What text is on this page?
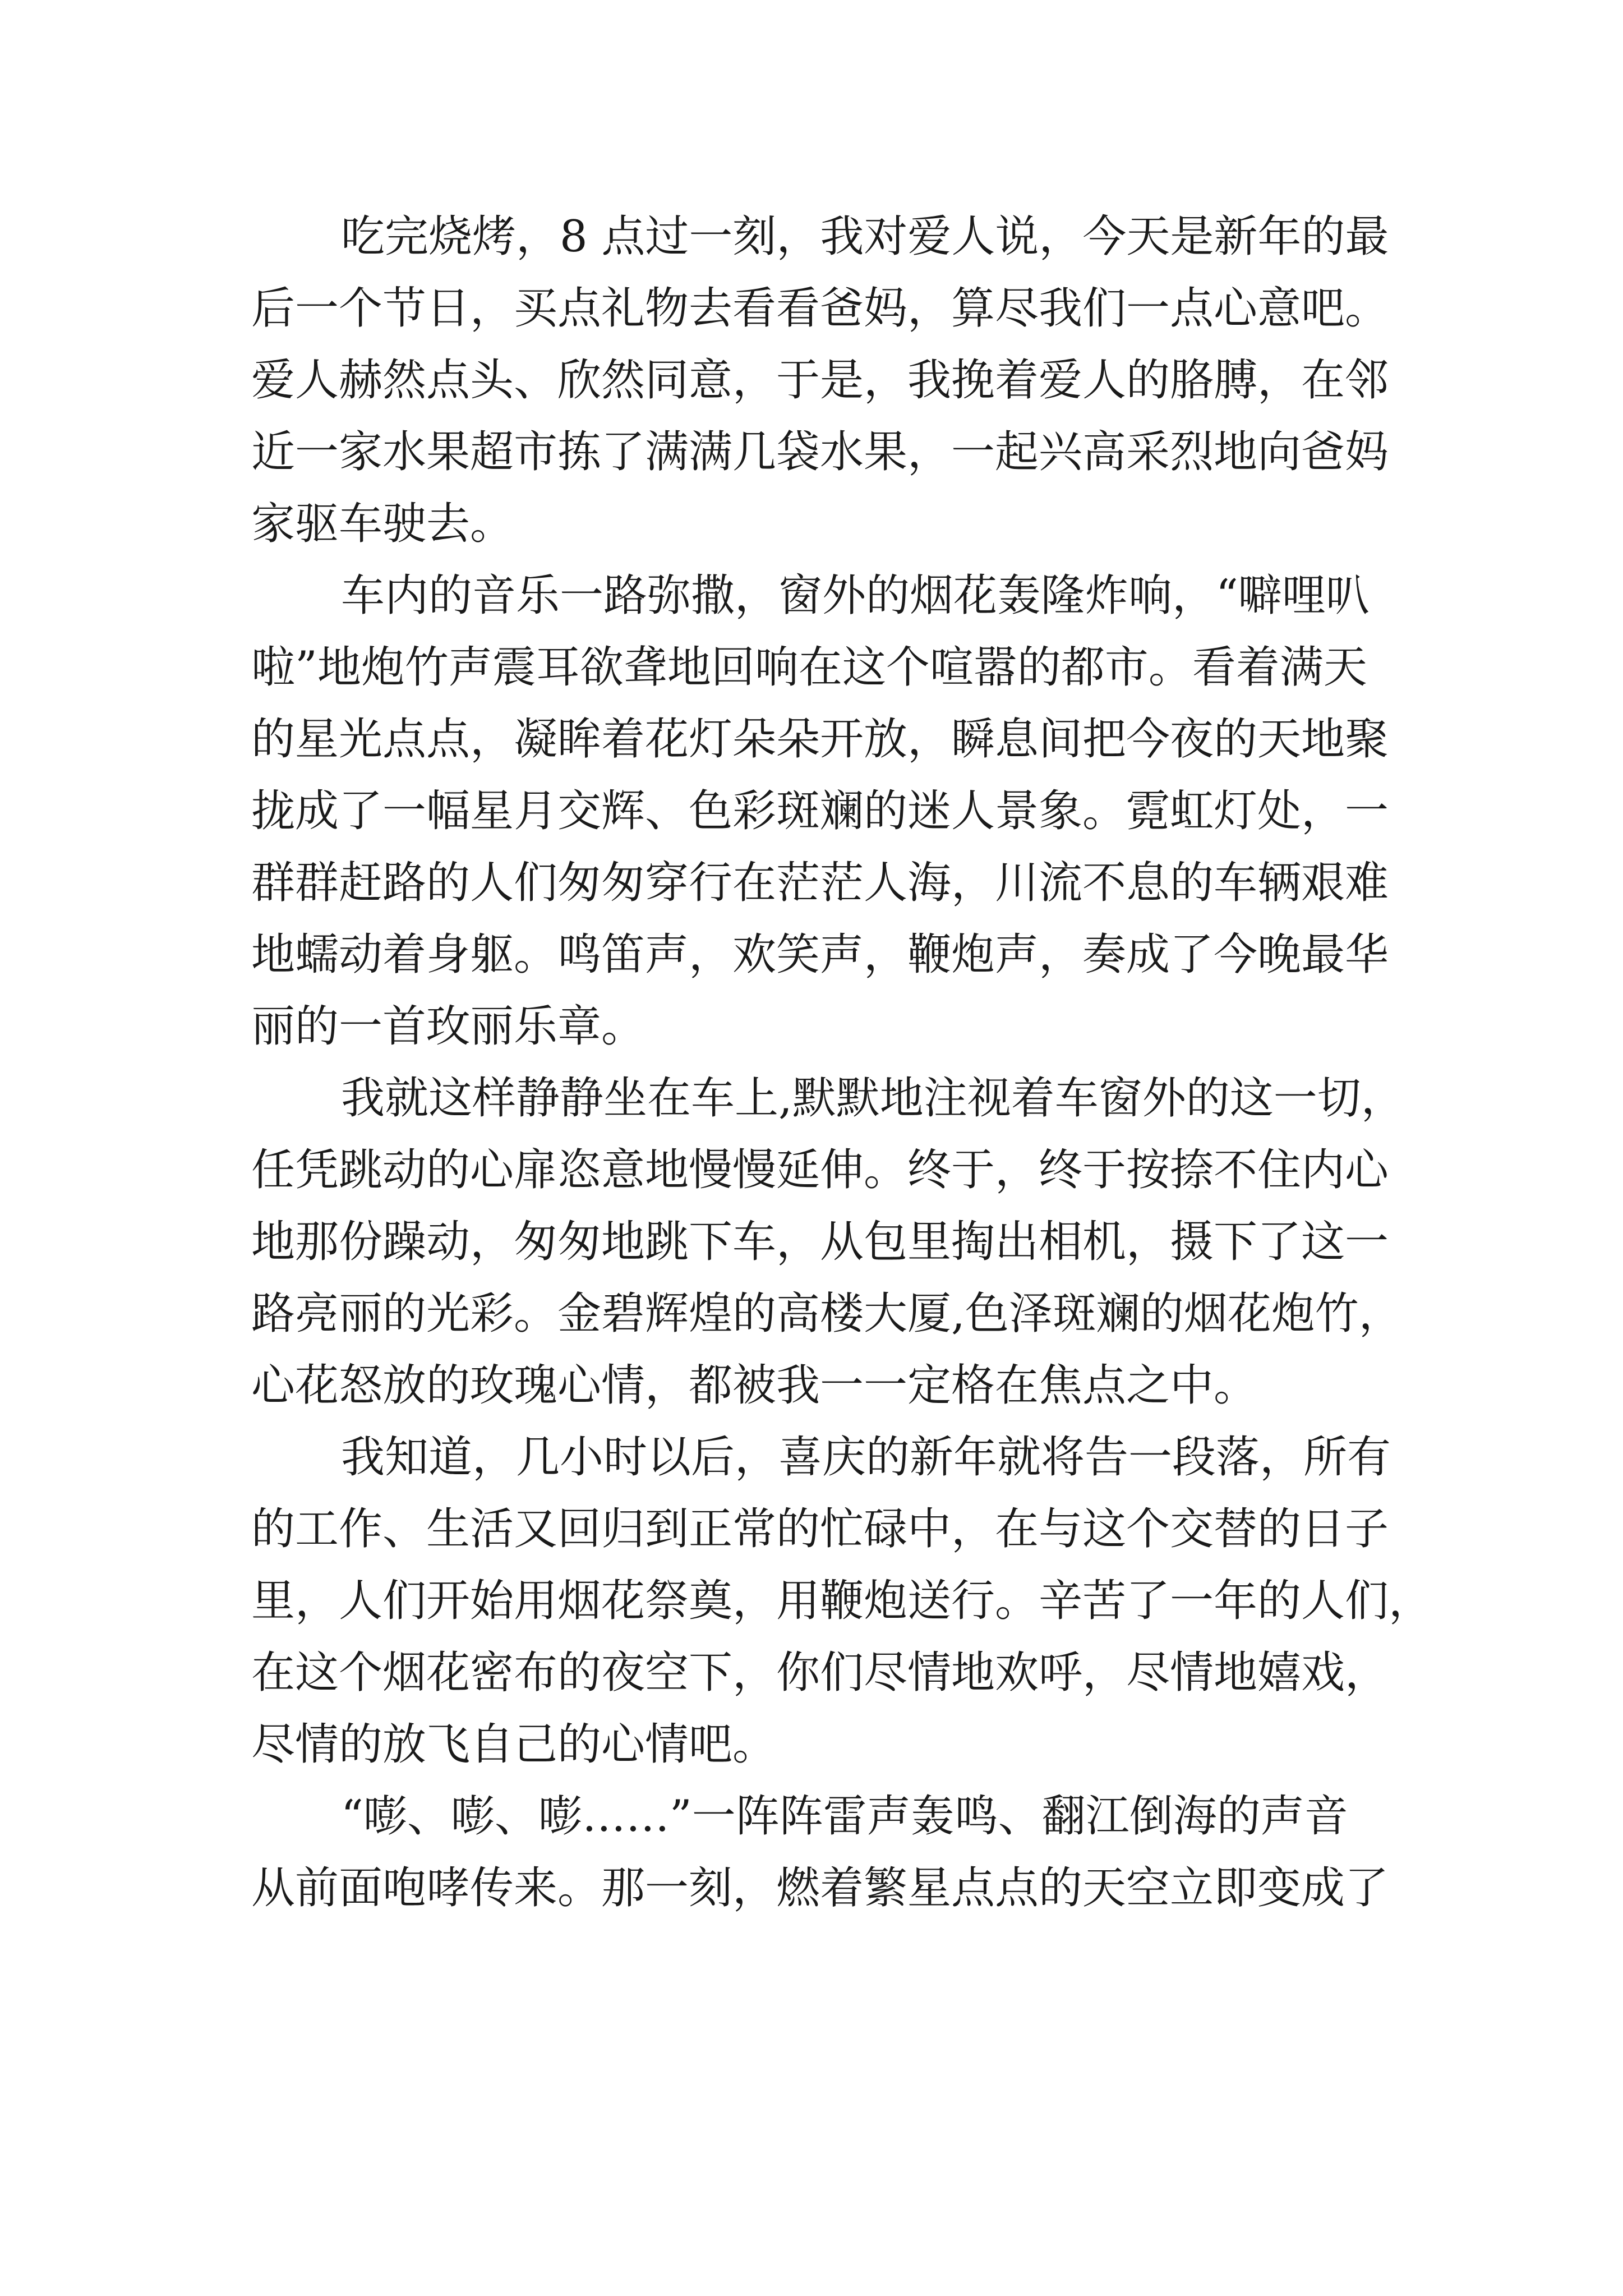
吃完烧烤，8 点过一刻，我对爱人说，今天是新年的最
后一个节日，买点礼物去看看爸妈，算尽我们一点心意吧。
爱人赫然点头、欣然同意，于是，我挽着爱人的胳膊，在邻
近一家水果超市拣了满满几袋水果，一起兴高采烈地向爸妈
家驱车驶去。
车内的音乐一路弥撒，窗外的烟花轰隆炸响，“噼哩叭
啦”地炮竹声震耳欲聋地回响在这个喧嚣的都市。看着满天
的星光点点，凝眸着花灯朵朵开放，瞬息间把今夜的天地聚
拢成了一幅星月交辉、色彩斑斓的迷人景象。霓虹灯处，一
群群赶路的人们匆匆穿行在茫茫人海，川流不息的车辆艰难
地蠕动着身躯。鸣笛声，欢笑声，鞭炮声，奏成了今晚最华
丽的一首玫丽乐章。
我就这样静静坐在车上,默默地注视着车窗外的这一切，
任凭跳动的心扉恣意地慢慢延伸。终于，终于按捺不住内心
地那份躁动，匆匆地跳下车，从包里掏出相机，摄下了这一
路亮丽的光彩。金碧辉煌的高楼大厦,色泽斑斓的烟花炮竹，
心花怒放的玫瑰心情，都被我一一定格在焦点之中。
我知道，几小时以后，喜庆的新年就将告一段落，所有
的工作、生活又回归到正常的忙碌中，在与这个交替的日子
里，人们开始用烟花祭奠，用鞭炮送行。辛苦了一年的人们，
在这个烟花密布的夜空下，你们尽情地欢呼，尽情地嬉戏，
尽情的放飞自己的心情吧。
“嘭、嘭、嘭……”一阵阵雷声轰鸣、翻江倒海的声音
从前面咆哮传来。那一刻，燃着繁星点点的天空立即变成了
